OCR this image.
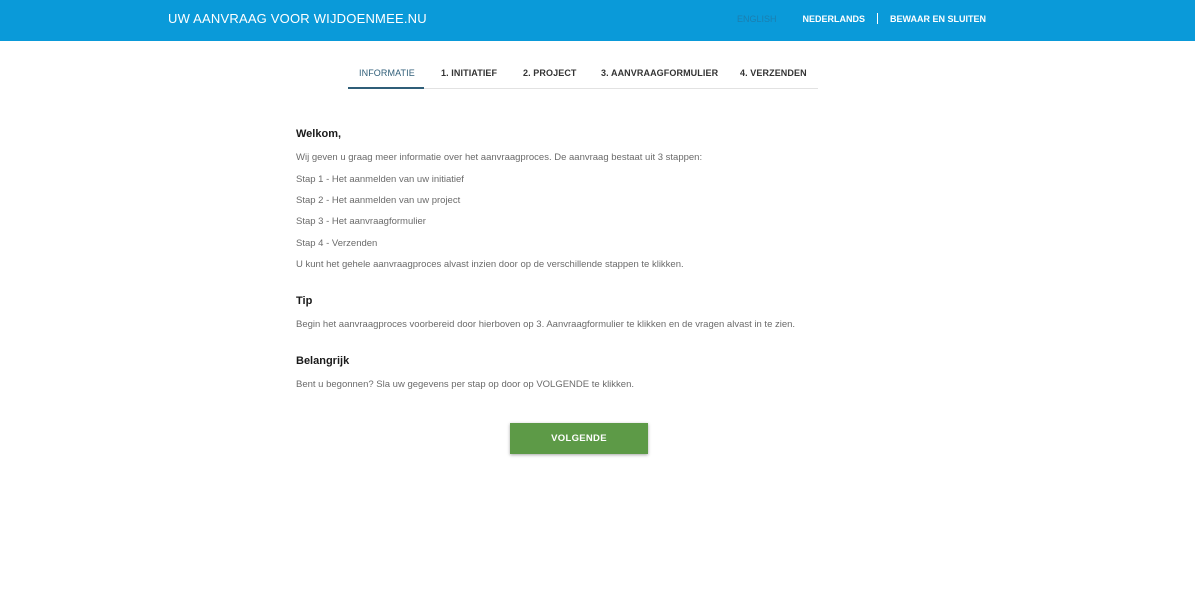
UW AANVRAAG VOOR WIJDOENMEE.NU	ENGLISH	NEDERLANDS	BEWAAR EN SLUITEN
INFORMATIE	1. INITIATIEF	2. PROJECT	3. AANVRAAGFORMULIER 4. VERZENDEN
Welkom,
Wij geven u graag meer informatie over het aanvraagproces. De aanvraag bestaat uit 3 stappen:
Stap 1 - Het aanmelden van uw initiatief
Stap 2 - Het aanmelden van uw project
Stap 3 - Het aanvraagformulier
Stap 4 - Verzenden
U kunt het gehele aanvraagproces alvast inzien door op de verschillende stappen te klikken.
Tip
Begin het aanvraagproces voorbereid door hierboven op 3. Aanvraagformulier te klikken en de vragen alvast in te zien.
Belangrijk
Bent u begonnen? Sla uw gegevens per stap op door op VOLGENDE te klikken.
VOLGENDE
